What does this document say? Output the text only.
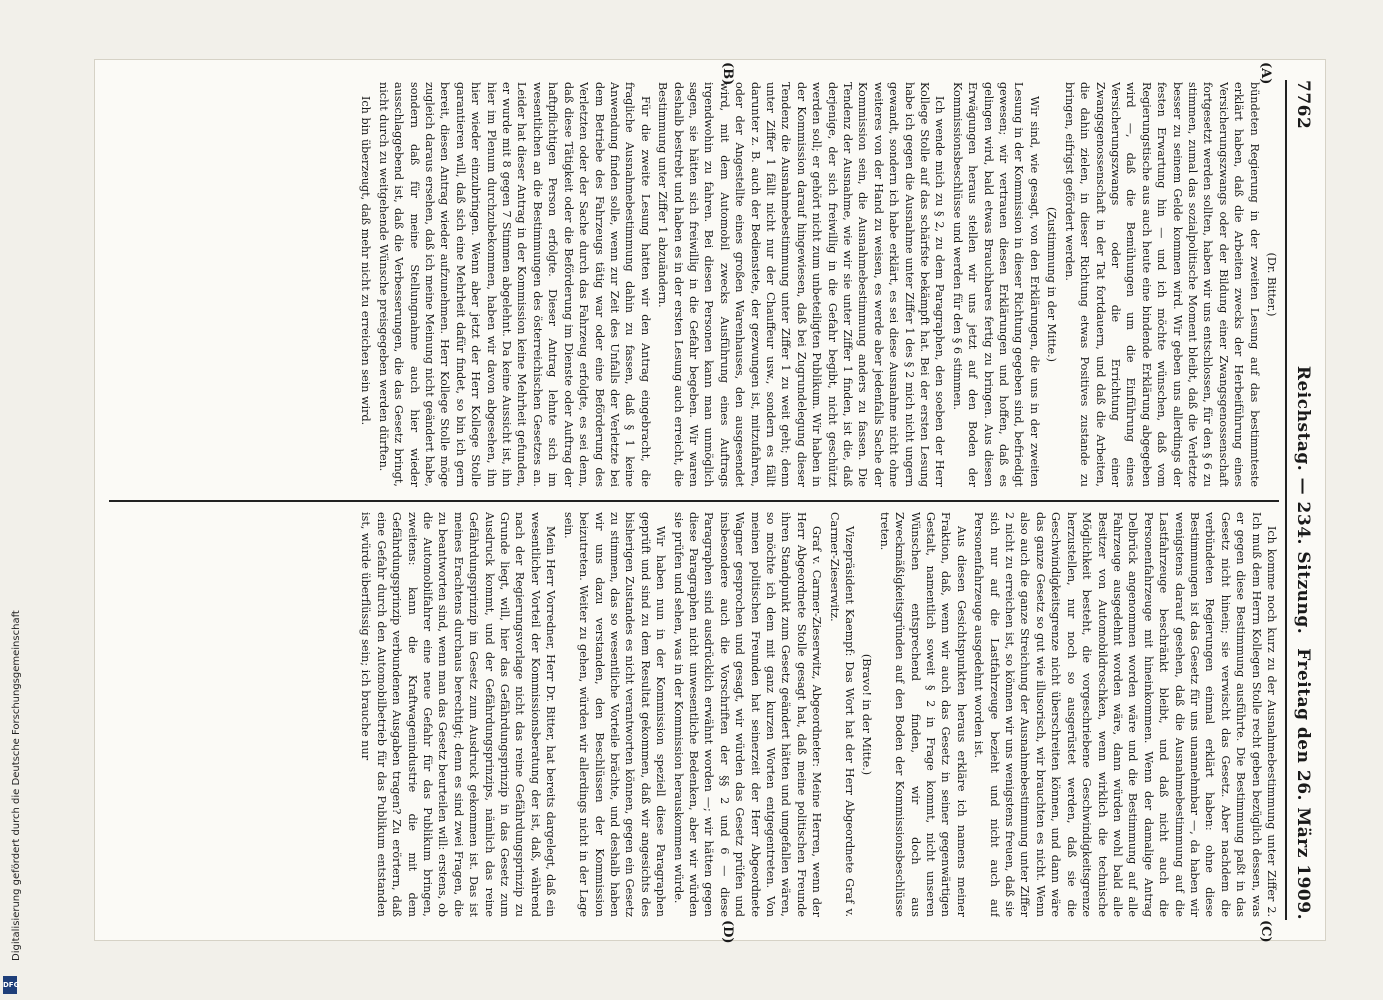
7762
Reichstag. — 234. Sitzung.
Freitag den 26. März 1909.
(A)
(B)
(C)
(D)

(Dr. Bitter.)

bündeten Regierung in der zweiten Lesung auf das bestimmteste erklärt haben, daß die Arbeiten zwecks der Herbeiführung eines Versicherungszwangs oder der Bildung einer Zwangsgenossenschaft fortgesetzt werden sollten, haben wir uns entschlossen, für den § 6 zu stimmen, zumal das sozialpolitische Moment bleibt, daß die Verletzte besser zu seinem Gelde kommen wird. Wir geben uns allerdings der festen Erwartung hin — und ich möchte wünschen, daß vom Regierungstische aus auch heute eine bindende Erklärung abgegeben wird —, daß die Bemühungen um die Einführung eines Versicherungszwangs oder die Errichtung einer Zwangsgenossenschaft in der Tat fortdauern, und daß die Arbeiten, die dahin zielen, in dieser Richtung etwas Positives zustande zu bringen, eifrigst gefördert werden.

(Zustimmung in der Mitte.)

Wir sind, wie gesagt, von den Erklärungen, die uns in der zweiten Lesung in der Kommission in dieser Richtung gegeben sind, befriedigt gewesen; wir vertrauen diesen Erklärungen und hoffen, daß es gelingen wird, bald etwas Brauchbares fertig zu bringen. Aus diesen Erwägungen heraus stellen wir uns jetzt auf den Boden der Kommissionsbeschlüsse und werden für den § 6 stimmen.

Ich wende mich zu § 2, zu dem Paragraphen, den soeben der Herr Kollege Stolle auf das schärfste bekämpft hat. Bei der ersten Lesung habe ich gegen die Ausnahme unter Ziffer 1 des § 2 mich nicht ungern gewandt, sondern ich habe erklärt, es sei diese Ausnahme nicht ohne weiteres von der Hand zu weisen, es werde aber jedenfalls Sache der Kommission sein, die Ausnahmebestimmung anders zu fassen. Die Tendenz der Ausnahme, wie wir sie unter Ziffer 1 finden, ist die, daß derjenige, der sich freiwillig in die Gefahr begibt, nicht geschützt werden soll; er gehört nicht zum unbeteiligten Publikum. Wir haben in der Kommission darauf hingewiesen, daß bei Zugrundelegung dieser Tendenz die Ausnahmebestimmung unter Ziffer 1 zu weit geht; denn unter Ziffer 1 fällt nicht nur der Chauffeur usw., sondern es fällt darunter z. B. auch der Bedienstete, der gezwungen ist, mitzufahren, oder der Angestellte eines großen Warenhauses, den ausgesendet wird, mit dem Automobil zwecks Ausführung eines Auftrags irgendwohin zu fahren. Bei diesen Personen kann man unmöglich sagen, sie hätten sich freiwillig in die Gefahr begeben. Wir waren deshalb bestrebt und haben es in der ersten Lesung auch erreicht, die Bestimmung unter Ziffer 1 abzuändern.

Für die zweite Lesung hatten wir den Antrag eingebracht, die fragliche Ausnahmebestimmung dahin zu fassen, daß § 1 keine Anwendung finden solle, wenn zur Zeit des Unfalls der Verletzte bei dem Betriebe des Fahrzeugs tätig war oder eine Beförderung des Verletzten oder der Sache durch das Fahrzeug erfolgte, es sei denn, daß diese Tätigkeit oder die Beförderung im Dienste oder Auftrag der haftpflichtigen Person erfolgte. Dieser Antrag lehnte sich im wesentlichen an die Bestimmungen des österreichischen Gesetzes an. Leider hat dieser Antrag in der Kommission keine Mehrheit gefunden, er wurde mit 8 gegen 7 Stimmen abgelehnt. Da keine Aussicht ist, ihn hier im Plenum durchzubekommen, haben wir davon abgesehen, ihn hier wieder einzubringen. Wenn aber jetzt der Herr Kollege Stolle garantieren will, daß sich eine Mehrheit dafür findet, so bin ich gern bereit, diesen Antrag wieder aufzunehmen. Herr Kollege Stolle möge zugleich daraus ersehen, daß ich meine Meinung nicht geändert habe, sondern daß für meine Stellungnahme auch hier wieder ausschlaggebend ist, daß die Verbesserungen, die das Gesetz bringt, nicht durch zu weitgehende Wünsche preisgegeben werden dürften.

Ich bin überzeugt, daß mehr nicht zu erreichen sein wird.

Ich komme noch kurz zu der Ausnahmebestimmung unter Ziffer 2. Ich muß dem Herrn Kollegen Stolle recht geben bezüglich dessen, was er gegen diese Bestimmung ausführte. Die Bestimmung paßt in das Gesetz nicht hinein; sie verwischt das Gesetz. Aber nachdem die verbündeten Regierungen einmal erklärt haben: ohne diese Bestimmungen ist das Gesetz für uns unannehmbar —, da haben wir wenigstens darauf gesehen, daß die Ausnahmebestimmung auf die Lastfahrzeuge beschränkt bleibt, und daß nicht auch die Personenfahrzeuge mit hineinkommen. Wenn der damalige Antrag Delbrück angenommen worden wäre und die Bestimmung auf alle Fahrzeuge ausgedehnt worden wäre, dann würden wohl bald alle Besitzer von Automobildroschken, wenn wirklich die technische Möglichkeit besteht, die vorgeschriebene Geschwindigkeitsgrenze herzustellen, nur noch so ausgerüstet werden, daß sie die Geschwindigkeitsgrenze nicht überschreiten können, und dann wäre das ganze Gesetz so gut wie illusorisch, wir brauchten es nicht. Wenn also auch die ganze Streichung der Ausnahmebestimmung unter Ziffer 2 nicht zu erreichen ist, so können wir uns wenigstens freuen, daß sie sich nur auf die Lastfahrzeuge bezieht und nicht auch auf Personenfahrzeuge ausgedehnt worden ist.

Aus diesen Gesichtspunkten heraus erkläre ich namens meiner Fraktion, daß, wenn wir auch das Gesetz in seiner gegenwärtigen Gestalt, namentlich soweit § 2 in Frage kommt, nicht unseren Wünschen entsprechend finden, wir doch aus Zweckmäßigkeitsgründen auf den Boden der Kommissionsbeschlüsse treten.

(Bravo! in der Mitte.)

Vizepräsident Kaempf: Das Wort hat der Herr Abgeordnete Graf v. Carmer-Zieserwitz.

Graf v. Carmer-Zieserwitz, Abgeordneter: Meine Herren, wenn der Herr Abgeordnete Stolle gesagt hat, daß meine politischen Freunde ihren Standpunkt zum Gesetz geändert hätten und umgefallen wären, so möchte ich dem mit ganz kurzen Worten entgegentreten. Von meinen politischen Freunden hat seinerzeit der Herr Abgeordnete Wagner gesprochen und gesagt, wir würden das Gesetz prüfen und insbesondere auch die Vorschriften der §§ 2 und 6 — diese Paragraphen sind ausdrücklich erwähnt worden —; wir hätten gegen diese Paragraphen nicht unwesentliche Bedenken, aber wir würden sie prüfen und sehen, was in der Kommission herauskommen würde.

Wir haben nun in der Kommission speziell diese Paragraphen geprüft und sind zu dem Resultat gekommen, daß wir angesichts des bisherigen Zustandes es nicht verantworten können, gegen ein Gesetz zu stimmen, das so wesentliche Vorteile brächte, und deshalb haben wir uns dazu verstanden, den Beschlüssen der Kommission beizutreten. Weiter zu gehen, würden wir allerdings nicht in der Lage sein.

Mein Herr Vorredner, Herr Dr. Bitter, hat bereits dargelegt, daß ein wesentlicher Vorteil der Kommissionsberatung der ist, daß, während nach der Regierungsvorlage nicht das reine Gefährdungsprinzip zu Grunde liegt, will, hier das Gefährdungsprinzip in das Gesetz zum Ausdruck kommt, und der Gefährdungsprinzips, nämlich das reine Gefährdungsprinzip im Gesetz zum Ausdruck gekommen ist. Das ist meines Erachtens durchaus berechtigt; denn es sind zwei Fragen, die zu beantworten sind, wenn man das Gesetz beurteilen will: erstens, ob die Automobilfahrer eine neue Gefahr für das Publikum bringen, zweitens: kann die Kraftwagenindustrie die mit dem Gefährdungsprinzip verbundenen Ausgaben tragen? Zu erörtern, daß eine Gefahr durch den Automobilbetrieb für das Publikum entstanden ist, würde überflüssig sein; ich brauche nur

Digitalisierung gefördert durch die Deutsche Forschungsgemeinschaft
DFG
